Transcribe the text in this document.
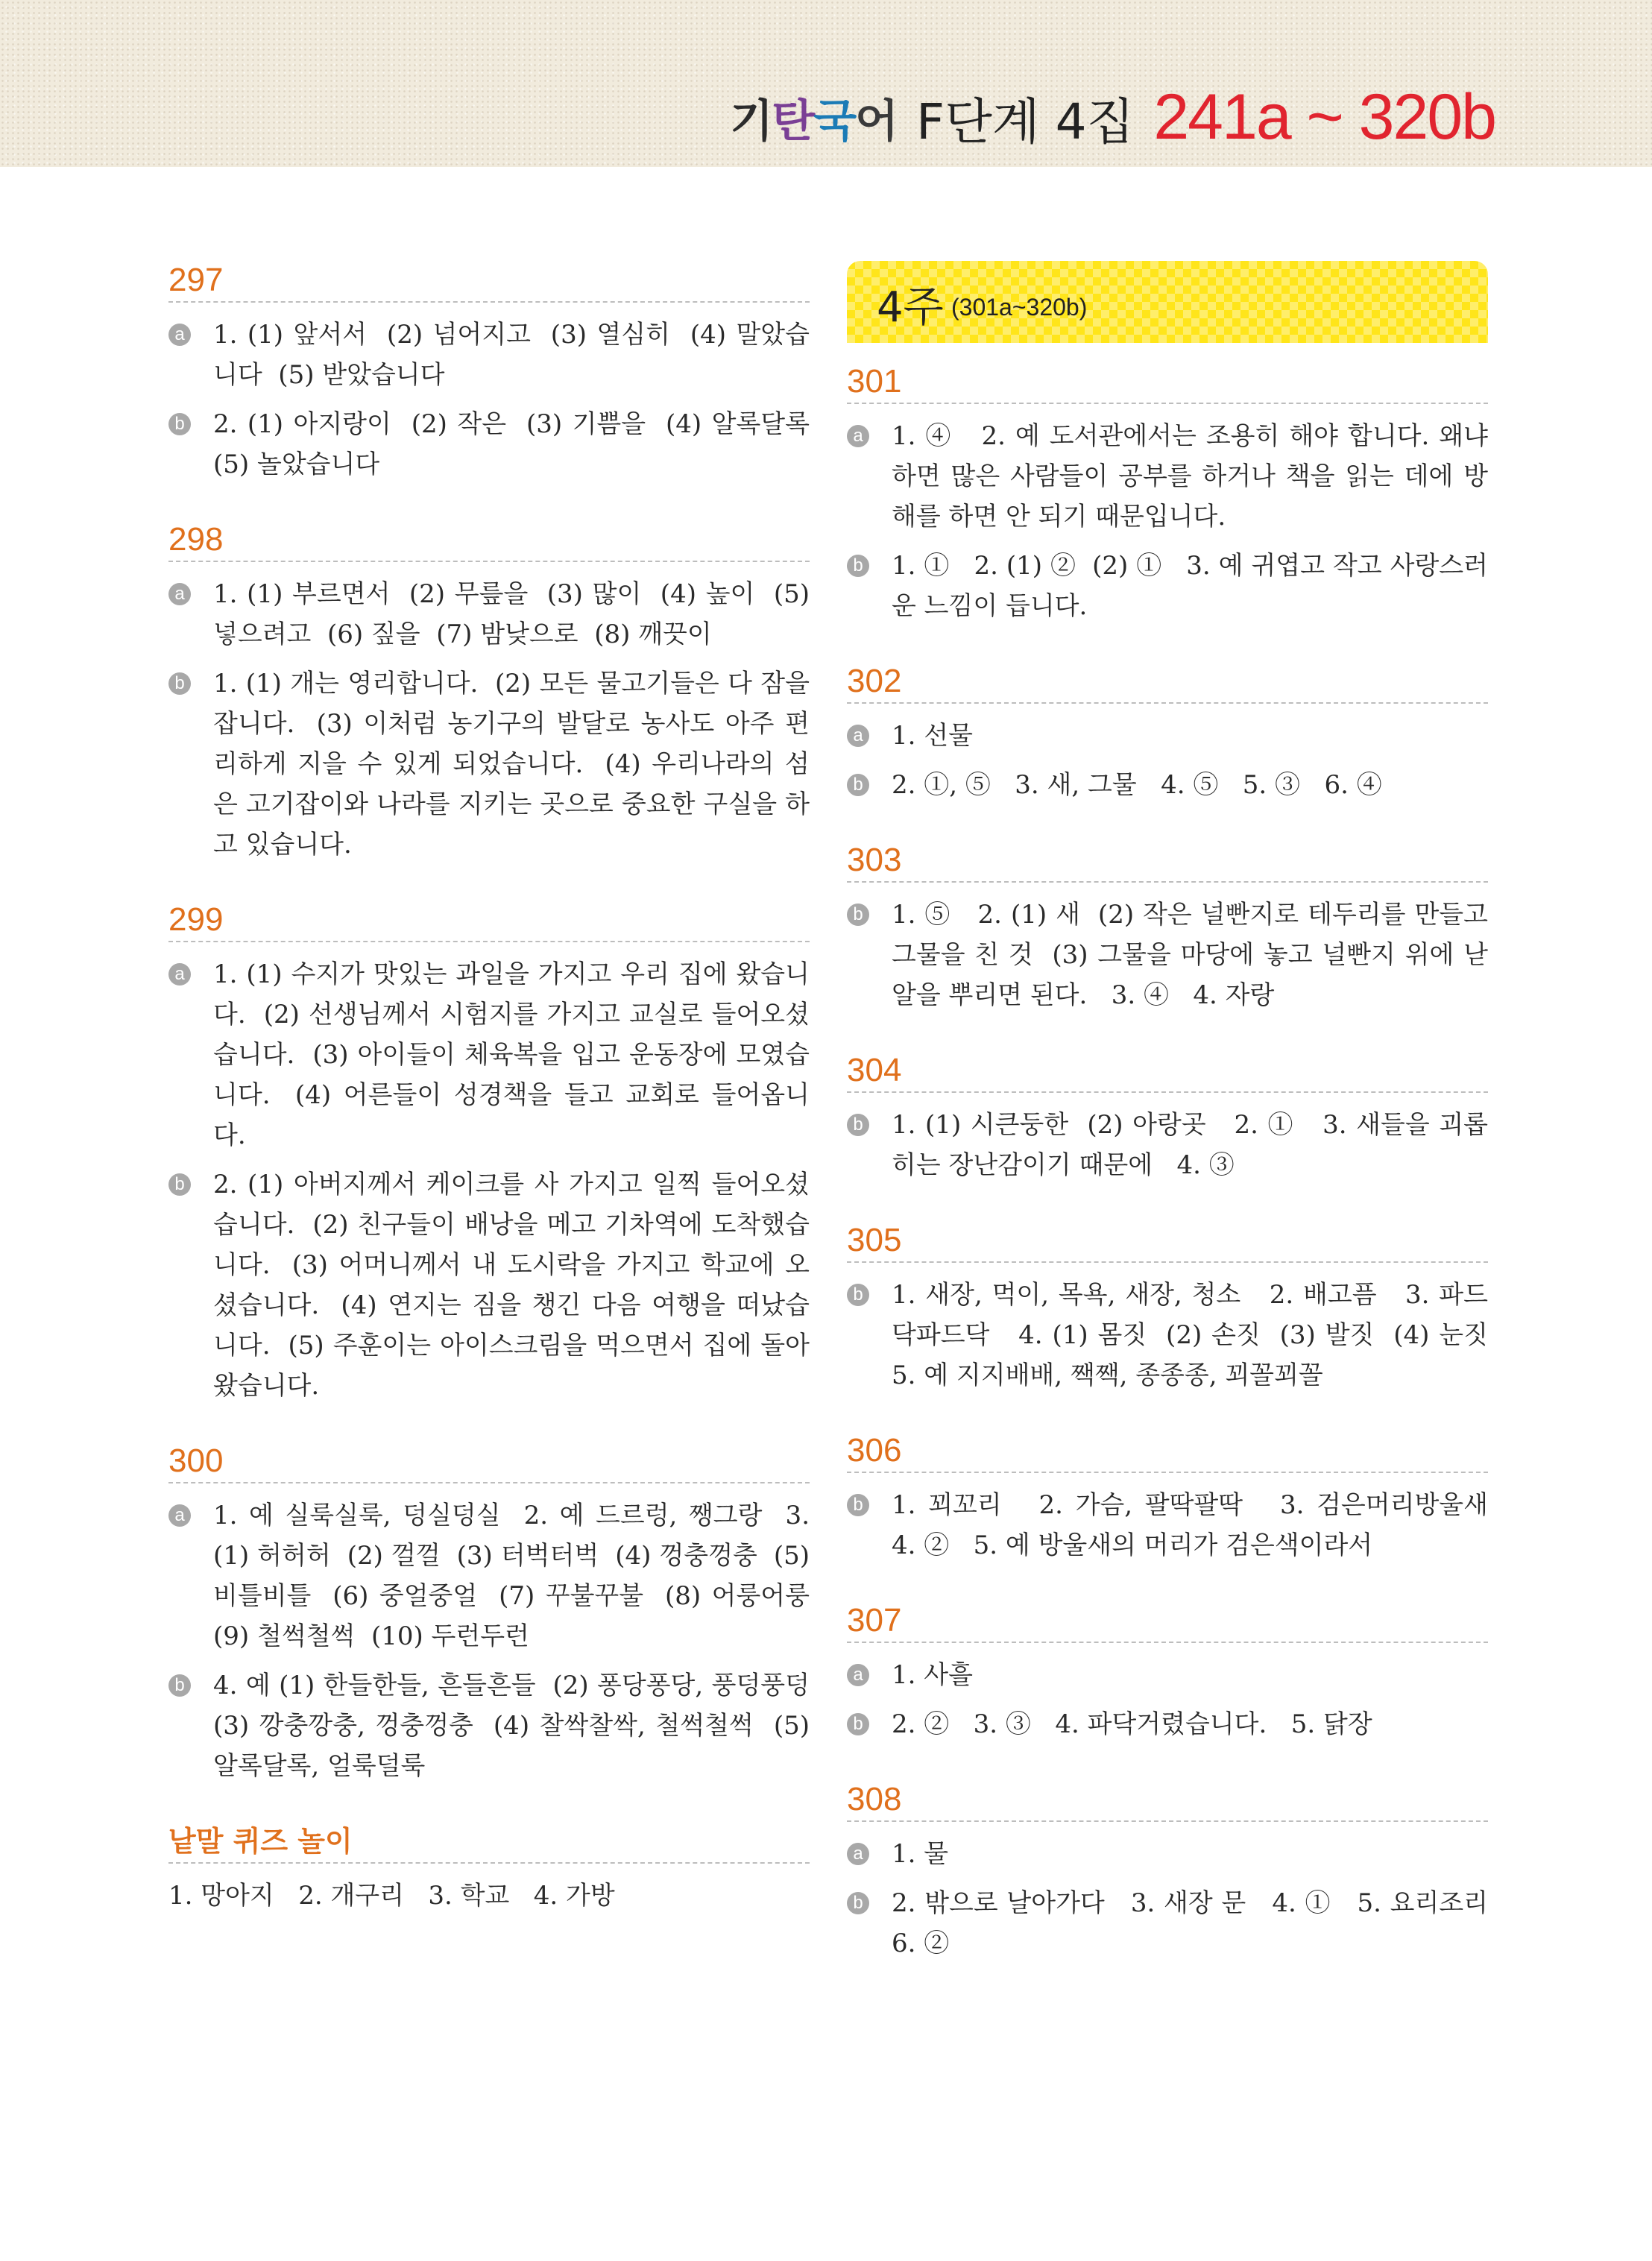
기탄국어 F단계 4집 241a ~ 320b
297
a 1. (1) 앞서서  (2) 넘어지고  (3) 열심히  (4) 말았습니다  (5) 받았습니다
b 2. (1) 아지랑이  (2) 작은  (3) 기쁨을  (4) 알록달록  (5) 놀았습니다
298
a 1. (1) 부르면서  (2) 무릎을  (3) 많이  (4) 높이  (5) 넣으려고  (6) 짚을  (7) 밤낮으로  (8) 깨끗이
b 1. (1) 개는 영리합니다.  (2) 모든 물고기들은 다 잠을 잡니다.  (3) 이처럼 농기구의 발달로 농사도 아주 편리하게 지을 수 있게 되었습니다.  (4) 우리나라의 섬은 고기잡이와 나라를 지키는 곳으로 중요한 구실을 하고 있습니다.
299
a 1. (1) 수지가 맛있는 과일을 가지고 우리 집에 왔습니다.  (2) 선생님께서 시험지를 가지고 교실로 들어오셨습니다.  (3) 아이들이 체육복을 입고 운동장에 모였습니다.  (4) 어른들이 성경책을 들고 교회로 들어옵니다.
b 2. (1) 아버지께서 케이크를 사 가지고 일찍 들어오셨습니다.  (2) 친구들이 배낭을 메고 기차역에 도착했습니다.  (3) 어머니께서 내 도시락을 가지고 학교에 오셨습니다.  (4) 연지는 짐을 챙긴 다음 여행을 떠났습니다.  (5) 주훈이는 아이스크림을 먹으면서 집에 돌아왔습니다.
300
a 1. 예 실룩실룩, 덩실덩실  2. 예 드르렁, 쨍그랑  3. (1) 허허허  (2) 껄껄  (3) 터벅터벅  (4) 껑충껑충  (5) 비틀비틀  (6) 중얼중얼  (7) 꾸불꾸불  (8) 어룽어룽  (9) 철썩철썩  (10) 두런두런
b 4. 예 (1) 한들한들, 흔들흔들  (2) 퐁당퐁당, 풍덩풍덩  (3) 깡충깡충, 껑충껑충  (4) 찰싹찰싹, 철썩철썩  (5) 알록달록, 얼룩덜룩
낱말 퀴즈 놀이
1. 망아지   2. 개구리   3. 학교   4. 가방
4주 (301a~320b)
301
a 1. ④   2. 예 도서관에서는 조용히 해야 합니다. 왜냐하면 많은 사람들이 공부를 하거나 책을 읽는 데에 방해를 하면 안 되기 때문입니다.
b 1. ①   2. (1) ②  (2) ①   3. 예 귀엽고 작고 사랑스러운 느낌이 듭니다.
302
a 1. 선물
b 2. ①, ⑤   3. 새, 그물   4. ⑤   5. ③   6. ④
303
b 1. ⑤   2. (1) 새  (2) 작은 널빤지로 테두리를 만들고 그물을 친 것  (3) 그물을 마당에 놓고 널빤지 위에 낟알을 뿌리면 된다.   3. ④   4. 자랑
304
b 1. (1) 시큰둥한  (2) 아랑곳   2. ①   3. 새들을 괴롭히는 장난감이기 때문에   4. ③
305
b 1. 새장, 먹이, 목욕, 새장, 청소   2. 배고픔   3. 파드닥파드닥   4. (1) 몸짓  (2) 손짓  (3) 발짓  (4) 눈짓   5. 예 지지배배, 짹짹, 종종종, 꾀꼴꾀꼴
306
b 1. 꾀꼬리   2. 가슴, 팔딱팔딱   3. 검은머리방울새   4. ②   5. 예 방울새의 머리가 검은색이라서
307
a 1. 사흘
b 2. ②   3. ③   4. 파닥거렸습니다.   5. 닭장
308
a 1. 물
b 2. 밖으로 날아가다   3. 새장 문   4. ①   5. 요리조리   6. ②
